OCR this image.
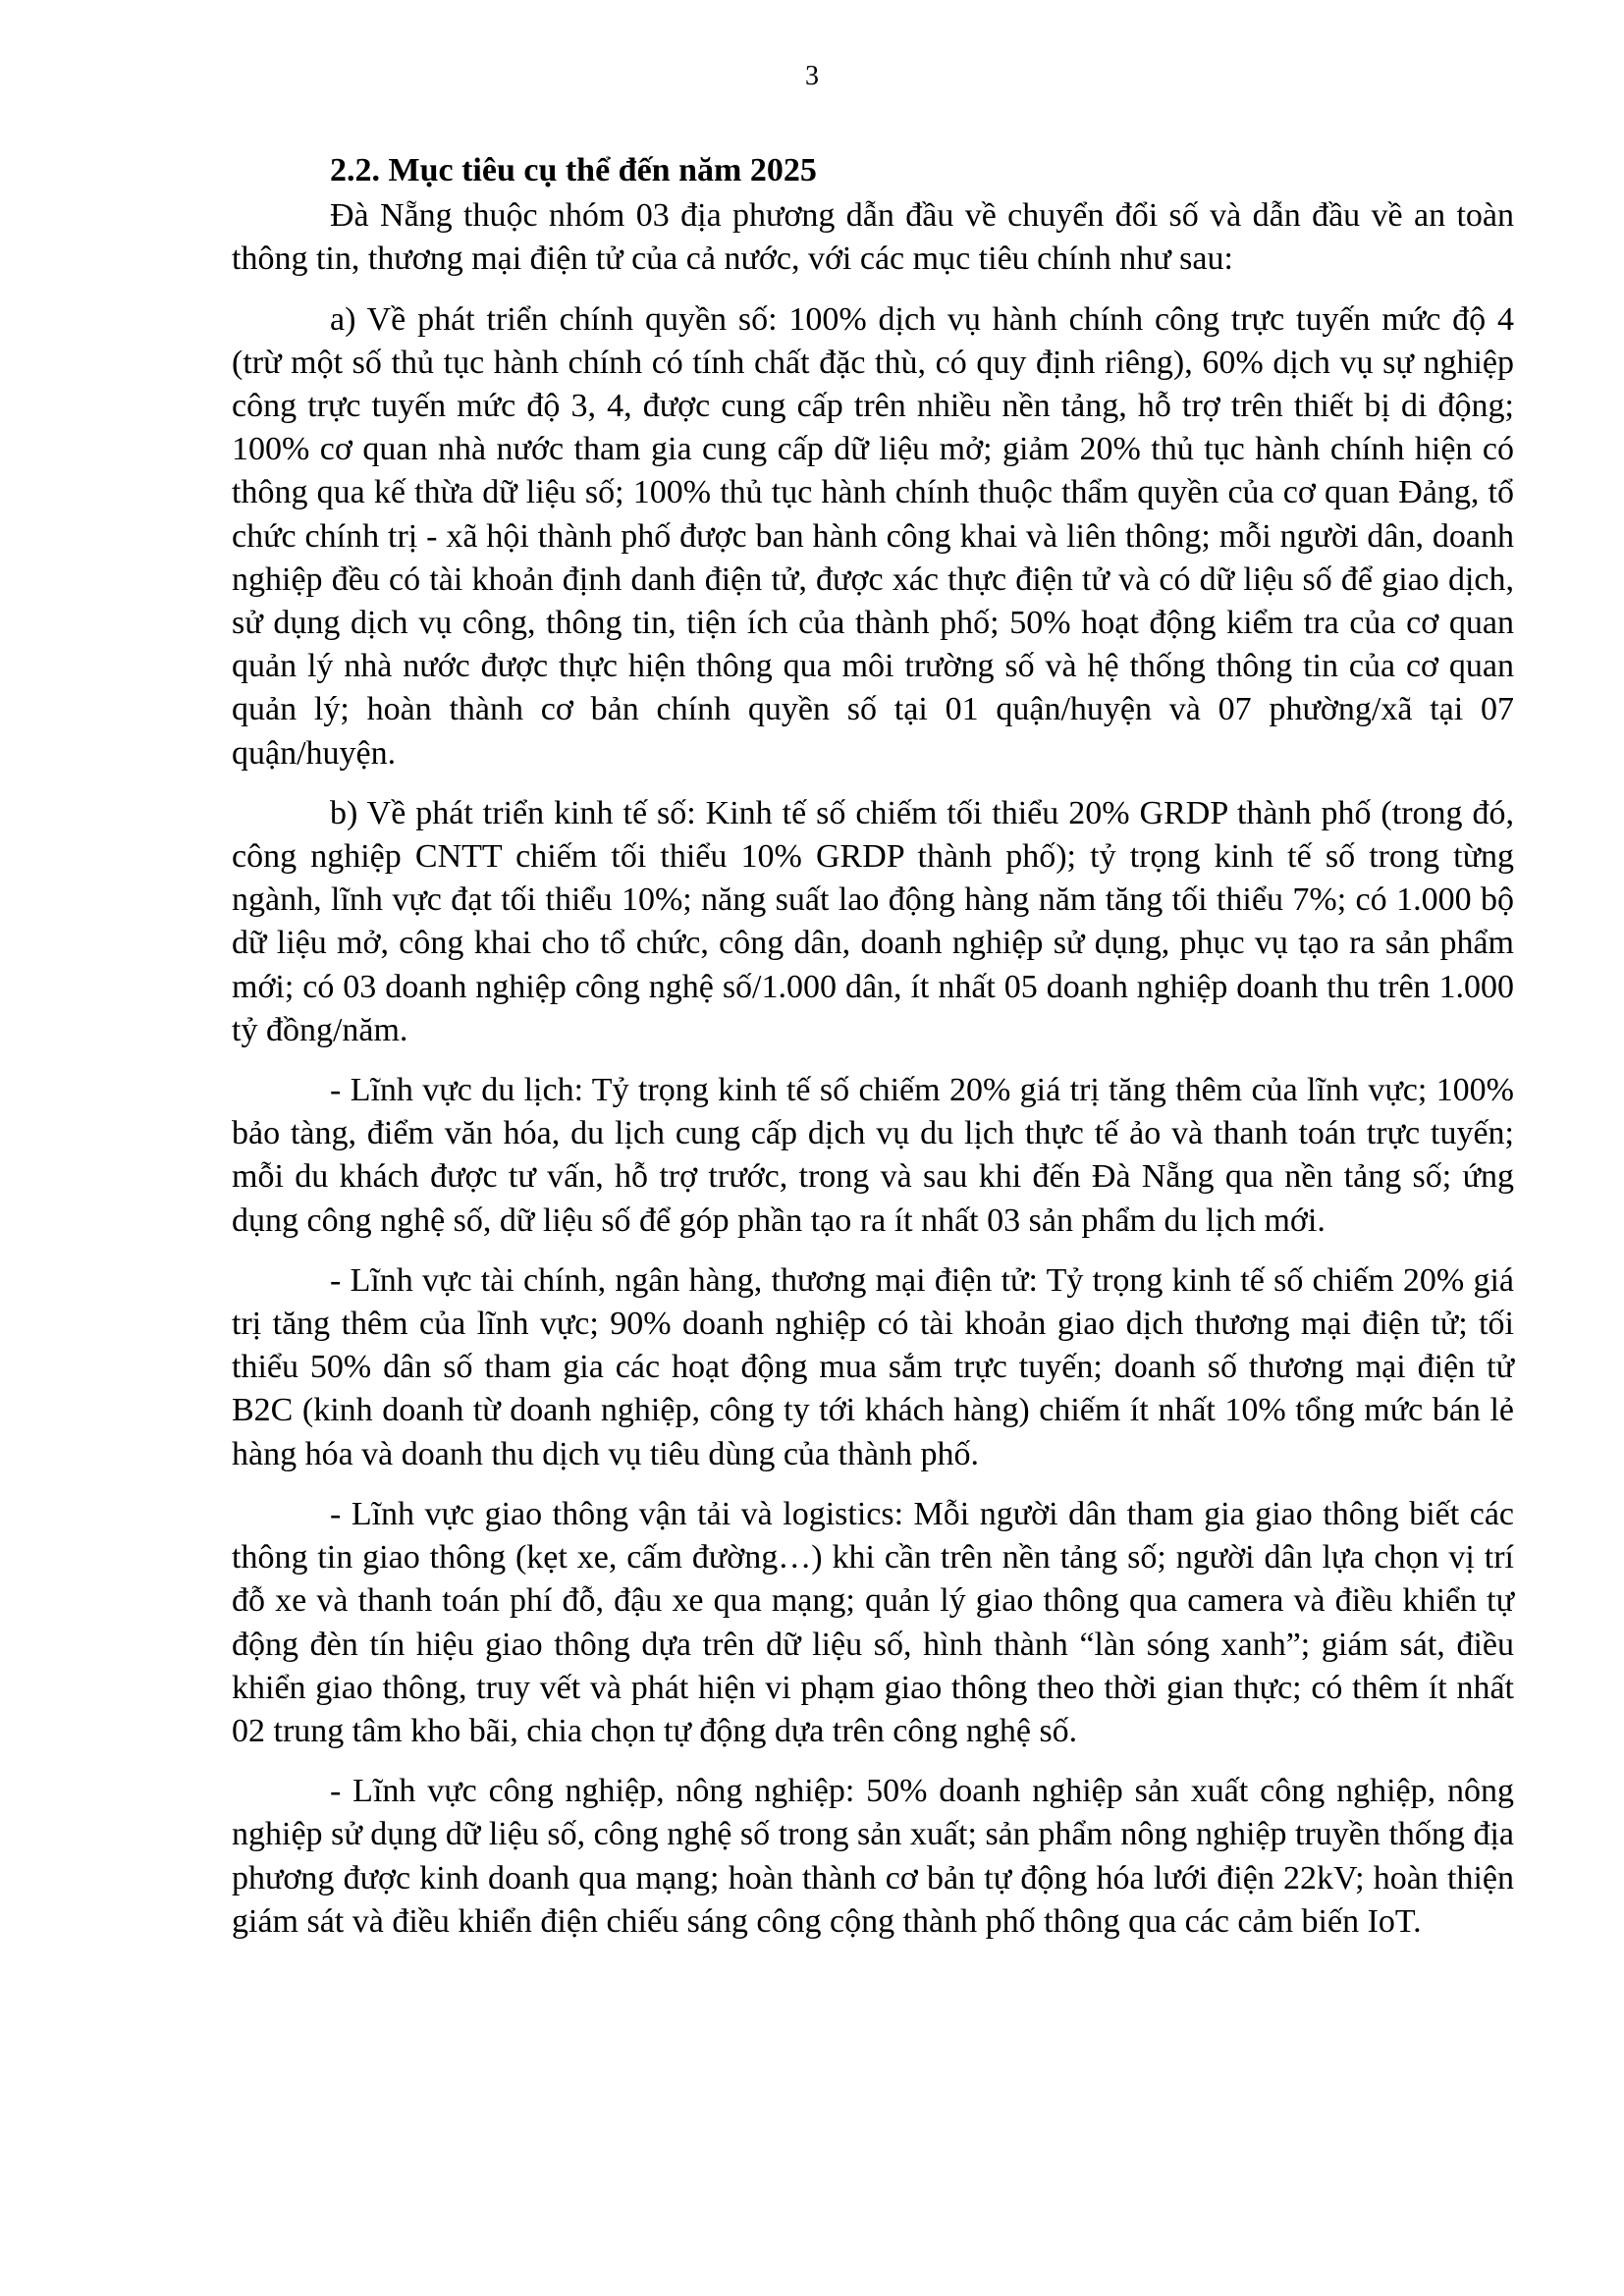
3

2.2. Mục tiêu cụ thể đến năm 2025

Đà Nẵng thuộc nhóm 03 địa phương dẫn đầu về chuyển đổi số và dẫn đầu về an toàn thông tin, thương mại điện tử của cả nước, với các mục tiêu chính như sau:

a) Về phát triển chính quyền số: 100% dịch vụ hành chính công trực tuyến mức độ 4 (trừ một số thủ tục hành chính có tính chất đặc thù, có quy định riêng), 60% dịch vụ sự nghiệp công trực tuyến mức độ 3, 4, được cung cấp trên nhiều nền tảng, hỗ trợ trên thiết bị di động; 100% cơ quan nhà nước tham gia cung cấp dữ liệu mở; giảm 20% thủ tục hành chính hiện có thông qua kế thừa dữ liệu số; 100% thủ tục hành chính thuộc thẩm quyền của cơ quan Đảng, tổ chức chính trị - xã hội thành phố được ban hành công khai và liên thông; mỗi người dân, doanh nghiệp đều có tài khoản định danh điện tử, được xác thực điện tử và có dữ liệu số để giao dịch, sử dụng dịch vụ công, thông tin, tiện ích của thành phố; 50% hoạt động kiểm tra của cơ quan quản lý nhà nước được thực hiện thông qua môi trường số và hệ thống thông tin của cơ quan quản lý; hoàn thành cơ bản chính quyền số tại 01 quận/huyện và 07 phường/xã tại 07 quận/huyện.

b) Về phát triển kinh tế số: Kinh tế số chiếm tối thiểu 20% GRDP thành phố (trong đó, công nghiệp CNTT chiếm tối thiểu 10% GRDP thành phố); tỷ trọng kinh tế số trong từng ngành, lĩnh vực đạt tối thiểu 10%; năng suất lao động hàng năm tăng tối thiểu 7%; có 1.000 bộ dữ liệu mở, công khai cho tổ chức, công dân, doanh nghiệp sử dụng, phục vụ tạo ra sản phẩm mới; có 03 doanh nghiệp công nghệ số/1.000 dân, ít nhất 05 doanh nghiệp doanh thu trên 1.000 tỷ đồng/năm.

- Lĩnh vực du lịch: Tỷ trọng kinh tế số chiếm 20% giá trị tăng thêm của lĩnh vực; 100% bảo tàng, điểm văn hóa, du lịch cung cấp dịch vụ du lịch thực tế ảo và thanh toán trực tuyến; mỗi du khách được tư vấn, hỗ trợ trước, trong và sau khi đến Đà Nẵng qua nền tảng số; ứng dụng công nghệ số, dữ liệu số để góp phần tạo ra ít nhất 03 sản phẩm du lịch mới.

- Lĩnh vực tài chính, ngân hàng, thương mại điện tử: Tỷ trọng kinh tế số chiếm 20% giá trị tăng thêm của lĩnh vực; 90% doanh nghiệp có tài khoản giao dịch thương mại điện tử; tối thiểu 50% dân số tham gia các hoạt động mua sắm trực tuyến; doanh số thương mại điện tử B2C (kinh doanh từ doanh nghiệp, công ty tới khách hàng) chiếm ít nhất 10% tổng mức bán lẻ hàng hóa và doanh thu dịch vụ tiêu dùng của thành phố.

- Lĩnh vực giao thông vận tải và logistics: Mỗi người dân tham gia giao thông biết các thông tin giao thông (kẹt xe, cấm đường…) khi cần trên nền tảng số; người dân lựa chọn vị trí đỗ xe và thanh toán phí đỗ, đậu xe qua mạng; quản lý giao thông qua camera và điều khiển tự động đèn tín hiệu giao thông dựa trên dữ liệu số, hình thành “làn sóng xanh”; giám sát, điều khiển giao thông, truy vết và phát hiện vi phạm giao thông theo thời gian thực; có thêm ít nhất 02 trung tâm kho bãi, chia chọn tự động dựa trên công nghệ số.

- Lĩnh vực công nghiệp, nông nghiệp: 50% doanh nghiệp sản xuất công nghiệp, nông nghiệp sử dụng dữ liệu số, công nghệ số trong sản xuất; sản phẩm nông nghiệp truyền thống địa phương được kinh doanh qua mạng; hoàn thành cơ bản tự động hóa lưới điện 22kV; hoàn thiện giám sát và điều khiển điện chiếu sáng công cộng thành phố thông qua các cảm biến IoT.
